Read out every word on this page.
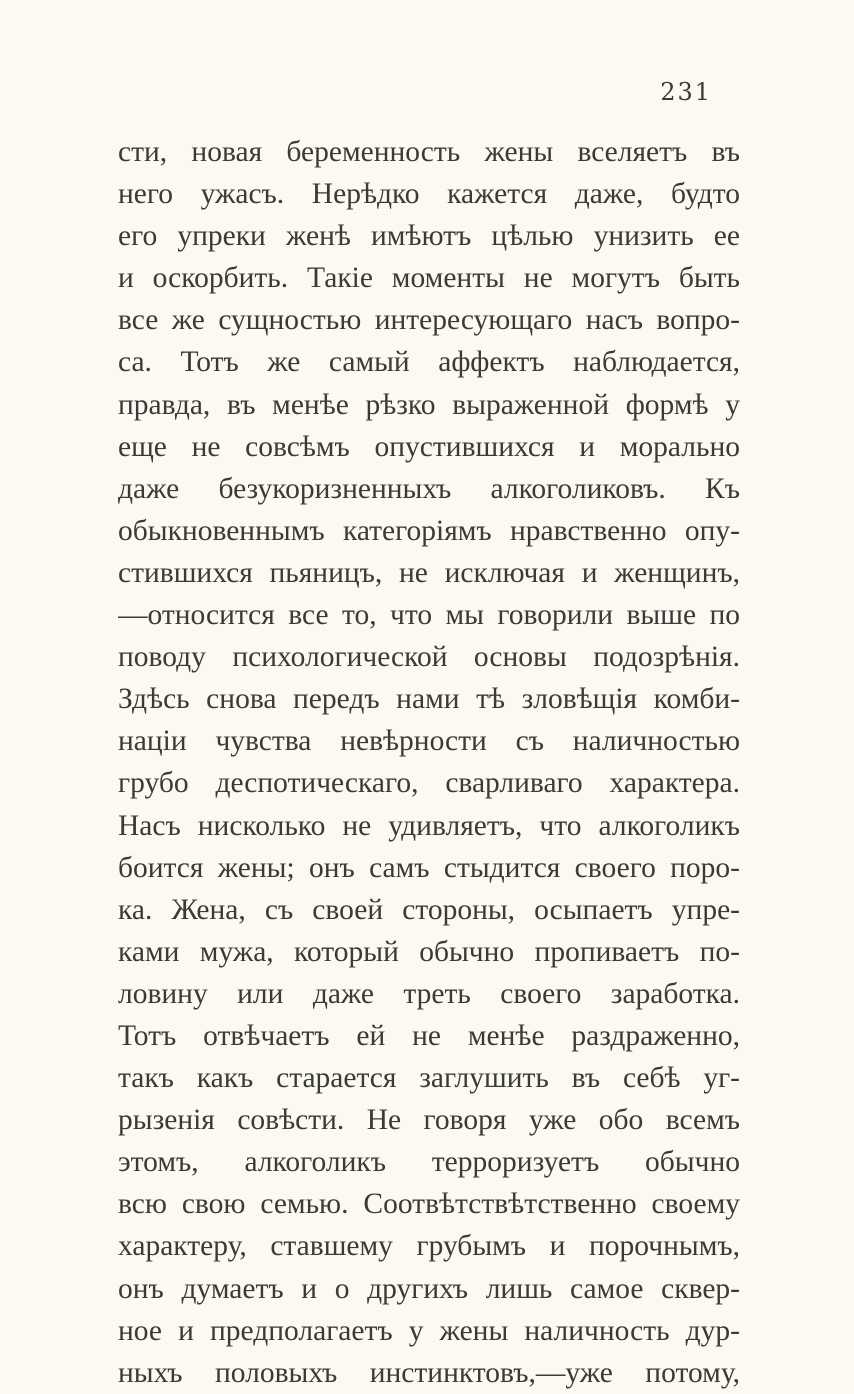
231
сти, новая беременность жены вселяетъ въ
него ужасъ. Нерѣдко кажется даже, будто
его упреки женѣ имѣютъ цѣлью унизить ее
и оскорбить. Такіе моменты не могутъ быть
все же сущностью интересующаго насъ вопро-
са. Тотъ же самый аффектъ наблюдается,
правда, въ менѣе рѣзко выраженной формѣ у
еще не совсѣмъ опустившихся и морально
даже безукоризненныхъ алкоголиковъ. Къ
обыкновеннымъ категоріямъ нравственно опу-
стившихся пьяницъ, не исключая и женщинъ,
—относится все то, что мы говорили выше по
поводу психологической основы подозрѣнія.
Здѣсь снова передъ нами тѣ зловѣщія комби-
націи чувства невѣрности съ наличностью
грубо деспотическаго, сварливаго характера.
Насъ нисколько не удивляетъ, что алкоголикъ
боится жены; онъ самъ стыдится своего поро-
ка. Жена, съ своей стороны, осыпаетъ упре-
ками мужа, который обычно пропиваетъ по-
ловину или даже треть своего заработка.
Тотъ отвѣчаетъ ей не менѣе раздраженно,
такъ какъ старается заглушить въ себѣ уг-
рызенія совѣсти. Не говоря уже обо всемъ
этомъ, алкоголикъ терроризуетъ обычно
всю свою семью. Соотвѣтствѣтственно своему
характеру, ставшему грубымъ и порочнымъ,
онъ думаетъ и о другихъ лишь самое сквер-
ное и предполагаетъ у жены наличность дур-
ныхъ половыхъ инстинктовъ,—уже потому,
